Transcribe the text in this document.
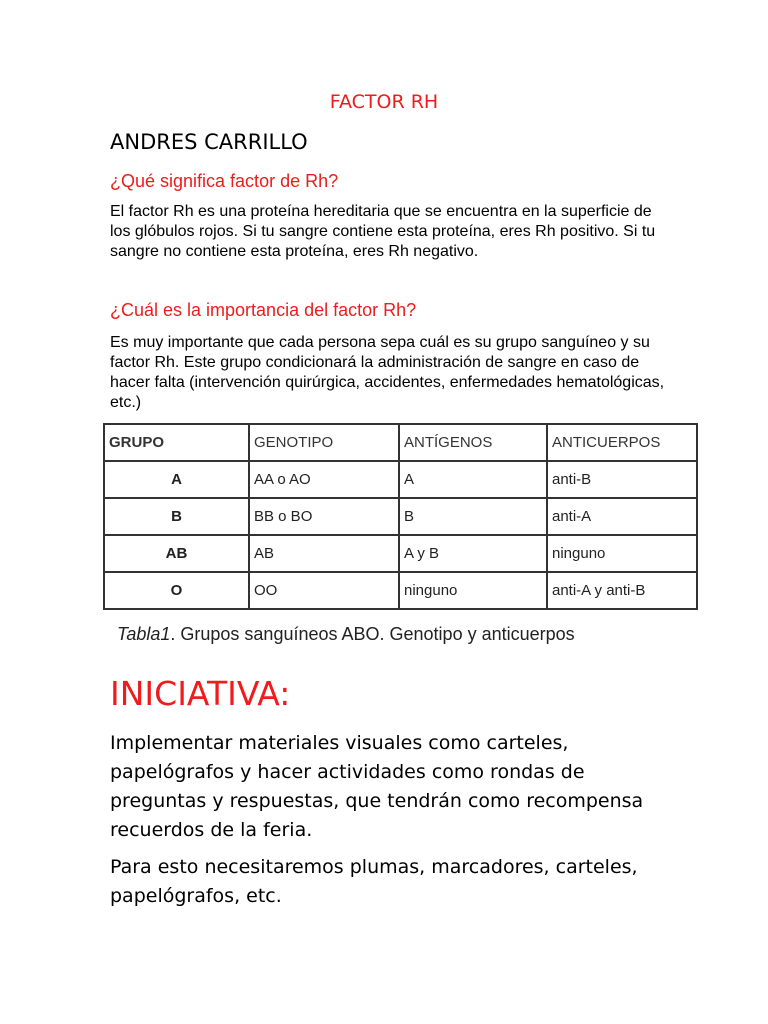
FACTOR RH
ANDRES CARRILLO
¿Qué significa factor de Rh?
El factor Rh es una proteína hereditaria que se encuentra en la superficie de los glóbulos rojos. Si tu sangre contiene esta proteína, eres Rh positivo. Si tu sangre no contiene esta proteína, eres Rh negativo.
¿Cuál es la importancia del factor Rh?
Es muy importante que cada persona sepa cuál es su grupo sanguíneo y su factor Rh. Este grupo condicionará la administración de sangre en caso de hacer falta (intervención quirúrgica, accidentes, enfermedades hematológicas, etc.)
GRUPO	GENOTIPO	ANTÍGENOS	ANTICUERPOS
A	AA o AO	A	anti-B
B	BB o BO	B	anti-A
AB	AB	A y B	ninguno
O	OO	ninguno	anti-A y anti-B
Tabla1. Grupos sanguíneos ABO. Genotipo y anticuerpos
INICIATIVA:
Implementar materiales visuales como carteles, papelógrafos y hacer actividades como rondas de preguntas y respuestas, que tendrán como recompensa recuerdos de la feria.
Para esto necesitaremos plumas, marcadores, carteles, papelógrafos, etc.
